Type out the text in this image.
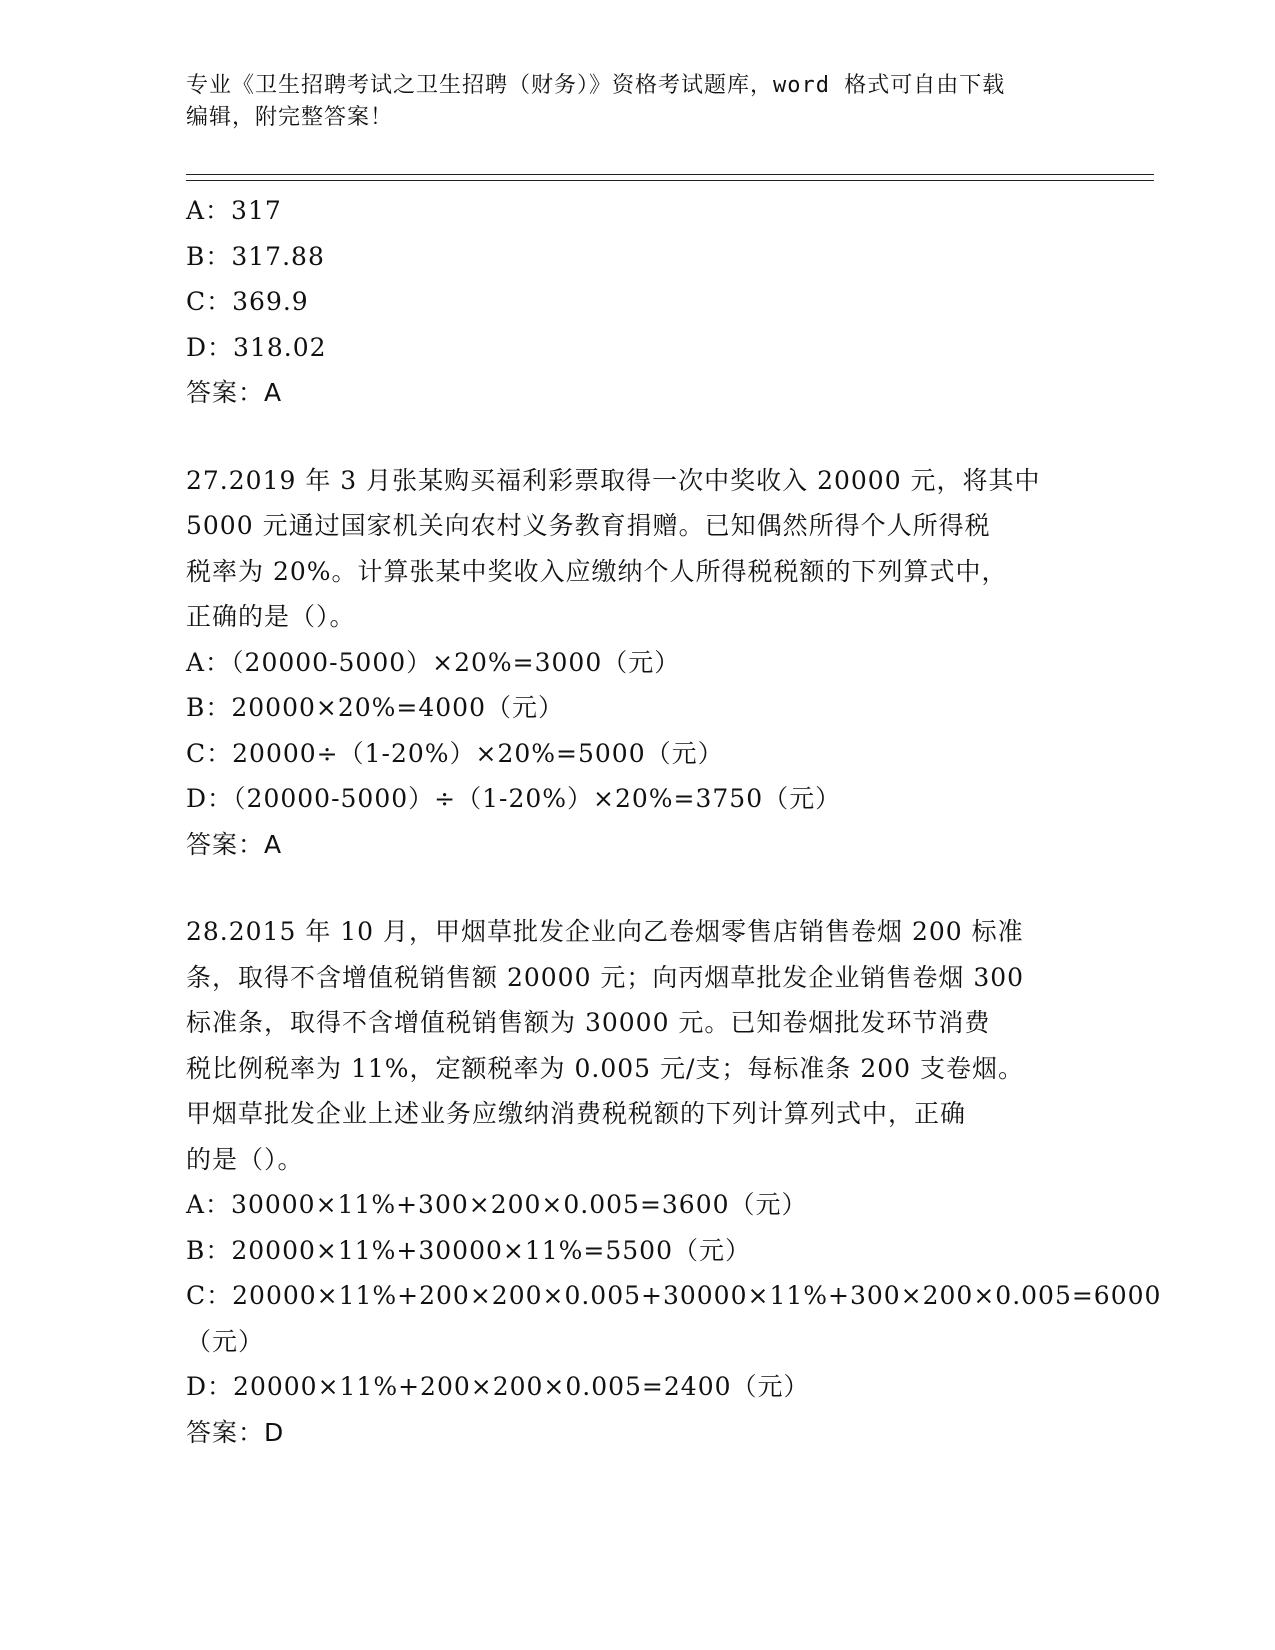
专业《卫生招聘考试之卫生招聘（财务）》资格考试题库，word 格式可自由下载
编辑，附完整答案！
A：317
B：317.88
C：369.9
D：318.02
答案：A
27.2019 年 3 月张某购买福利彩票取得一次中奖收入 20000 元，将其中
5000 元通过国家机关向农村义务教育捐赠。已知偶然所得个人所得税
税率为 20%。计算张某中奖收入应缴纳个人所得税税额的下列算式中，
正确的是（）。
A：（20000-5000）×20%=3000（元）
B：20000×20%=4000（元）
C：20000÷（1-20%）×20%=5000（元）
D：（20000-5000）÷（1-20%）×20%=3750（元）
答案：A
28.2015 年 10 月，甲烟草批发企业向乙卷烟零售店销售卷烟 200 标准
条，取得不含增值税销售额 20000 元；向丙烟草批发企业销售卷烟 300
标准条，取得不含增值税销售额为 30000 元。已知卷烟批发环节消费
税比例税率为 11%，定额税率为 0.005 元/支；每标准条 200 支卷烟。
甲烟草批发企业上述业务应缴纳消费税税额的下列计算列式中，正确
的是（）。
A：30000×11%+300×200×0.005=3600（元）
B：20000×11%+30000×11%=5500（元）
C：20000×11%+200×200×0.005+30000×11%+300×200×0.005=6000
（元）
D：20000×11%+200×200×0.005=2400（元）
答案：D
